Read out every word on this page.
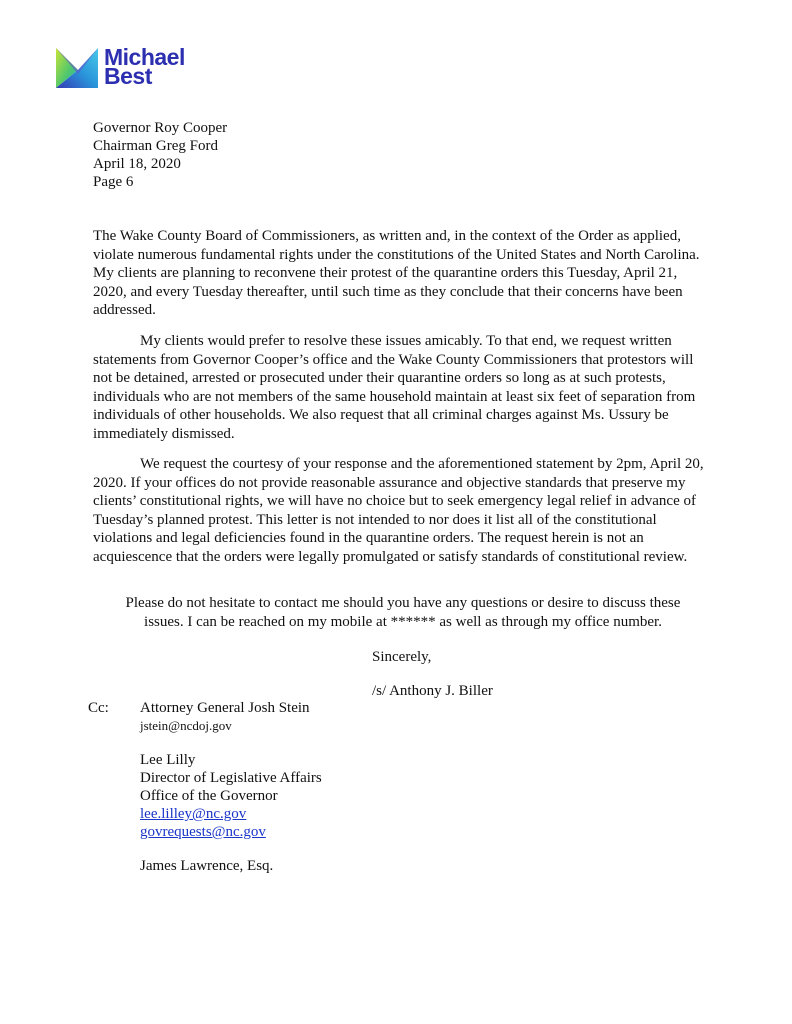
Michael
Best
Governor Roy Cooper
Chairman Greg Ford
April 18, 2020
Page 6

The Wake County Board of Commissioners, as written and, in the context of the Order as applied, violate numerous fundamental rights under the constitutions of the United States and North Carolina. My clients are planning to reconvene their protest of the quarantine orders this Tuesday, April 21, 2020, and every Tuesday thereafter, until such time as they conclude that their concerns have been addressed.

My clients would prefer to resolve these issues amicably. To that end, we request written statements from Governor Cooper’s office and the Wake County Commissioners that protestors will not be detained, arrested or prosecuted under their quarantine orders so long as at such protests, individuals who are not members of the same household maintain at least six feet of separation from individuals of other households. We also request that all criminal charges against Ms. Ussury be immediately dismissed.

We request the courtesy of your response and the aforementioned statement by 2pm, April 20, 2020. If your offices do not provide reasonable assurance and objective standards that preserve my clients’ constitutional rights, we will have no choice but to seek emergency legal relief in advance of Tuesday’s planned protest. This letter is not intended to nor does it list all of the constitutional violations and legal deficiencies found in the quarantine orders. The request herein is not an acquiescence that the orders were legally promulgated or satisfy standards of constitutional review.

Please do not hesitate to contact me should you have any questions or desire to discuss these issues. I can be reached on my mobile at ****** as well as through my office number.

Sincerely,
/s/ Anthony J. Biller
Cc: Attorney General Josh Stein
jstein@ncdoj.gov
Lee Lilly
Director of Legislative Affairs
Office of the Governor
lee.lilley@nc.gov
govrequests@nc.gov
James Lawrence, Esq.
